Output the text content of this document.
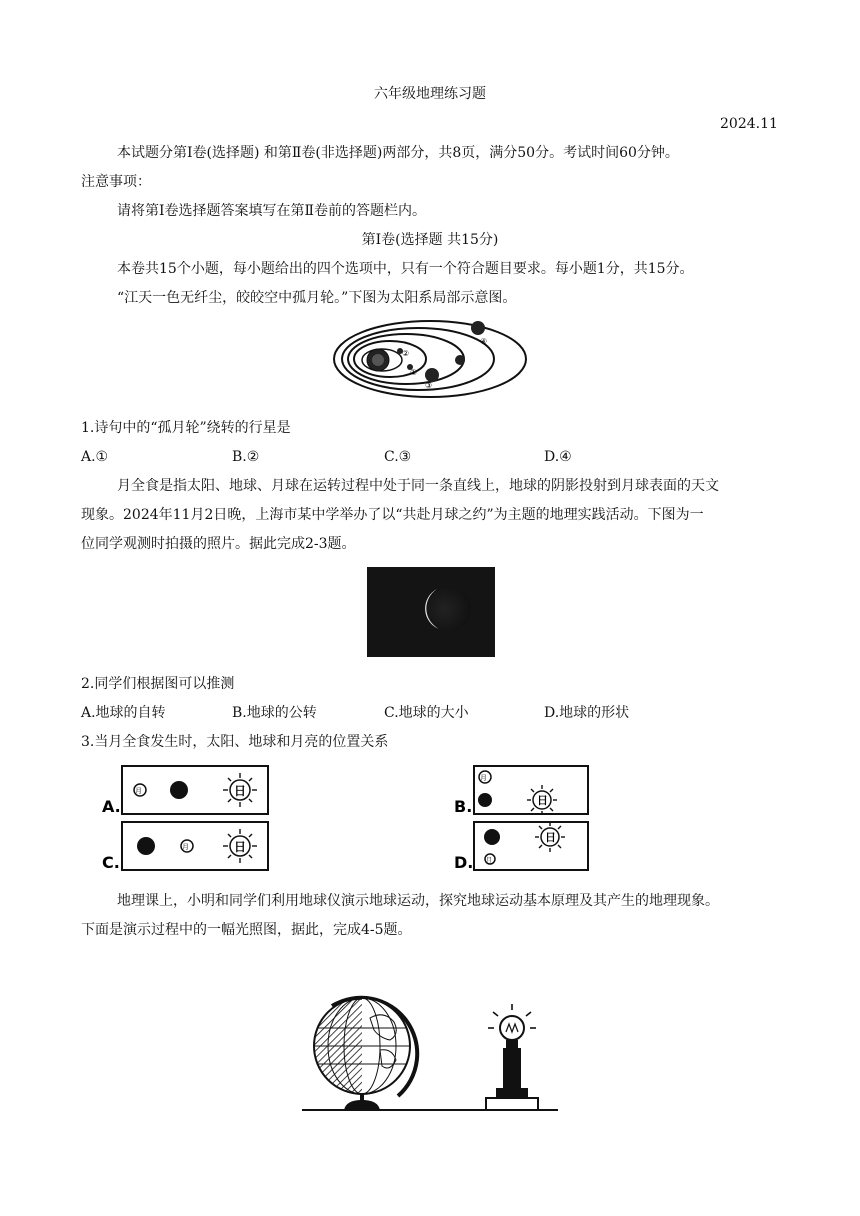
六年级地理练习题
2024.11
本试题分第Ⅰ卷(选择题) 和第Ⅱ卷(非选择题)两部分，共8页，满分50分。考试时间60分钟。
注意事项：
请将第Ⅰ卷选择题答案填写在第Ⅱ卷前的答题栏内。
第Ⅰ卷(选择题 共15分)
本卷共15个小题，每小题给出的四个选项中，只有一个符合题目要求。每小题1分，共15分。
“江天一色无纤尘，皎皎空中孤月轮。”下图为太阳系局部示意图。
①
②
③
④
1.诗句中的“孤月轮”绕转的行星是
A.①	B.②	C.③	D.④
月全食是指太阳、地球、月球在运转过程中处于同一条直线上，地球的阴影投射到月球表面的天文
现象。2024年11月2日晚，上海市某中学举办了以“共赴月球之约”为主题的地理实践活动。下图为一
位同学观测时拍摄的照片。据此完成2-3题。
2.同学们根据图可以推测
A.地球的自转	B.地球的公转	C.地球的大小	D.地球的形状
3.当月全食发生时，太阳、地球和月亮的位置关系
A.
月	日
C.
月	日
B.
月
日
D. 月
日
地理课上，小明和同学们利用地球仪演示地球运动，探究地球运动基本原理及其产生的地理现象。
下面是演示过程中的一幅光照图，据此，完成4-5题。
